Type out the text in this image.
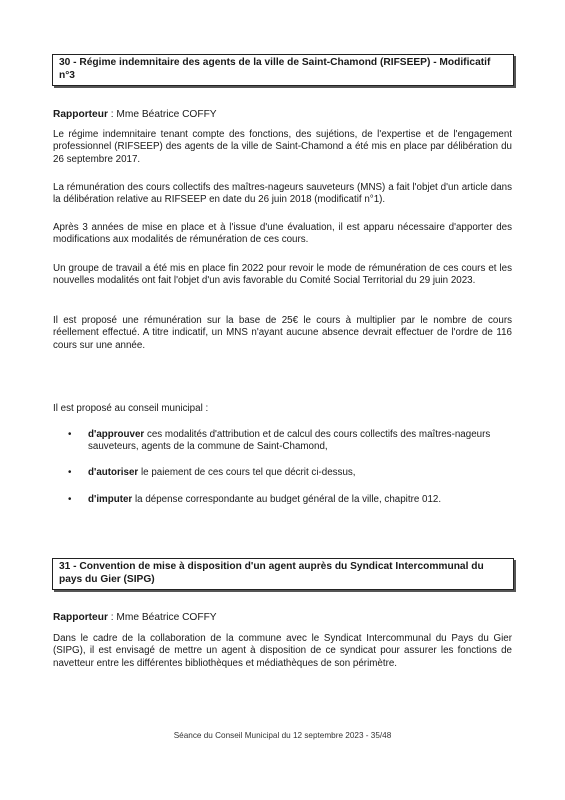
30 - Régime indemnitaire des agents de la ville de Saint-Chamond (RIFSEEP) - Modificatif n°3
Rapporteur : Mme Béatrice COFFY
Le régime indemnitaire tenant compte des fonctions, des sujétions, de l'expertise et de l'engagement professionnel (RIFSEEP) des agents de la ville de Saint-Chamond a été mis en place par délibération du 26 septembre 2017.
La rémunération des cours collectifs des maîtres-nageurs sauveteurs (MNS) a fait l'objet d'un article dans la délibération relative au RIFSEEP en date du 26 juin 2018 (modificatif n°1).
Après 3 années de mise en place et à l'issue d'une évaluation, il est apparu nécessaire d'apporter des modifications aux modalités de rémunération de ces cours.
Un groupe de travail a été mis en place fin 2022 pour revoir le mode de rémunération de ces cours et les nouvelles modalités ont fait l'objet d'un avis favorable du Comité Social Territorial du 29 juin 2023.
Il est proposé une rémunération sur la base de 25€ le cours à multiplier par le nombre de cours réellement effectué. A titre indicatif, un MNS n'ayant aucune absence devrait effectuer de l'ordre de 116 cours sur une année.
Il est proposé au conseil municipal :
• d'approuver ces modalités d'attribution et de calcul des cours collectifs des maîtres-nageurs sauveteurs, agents de la commune de Saint-Chamond,
• d'autoriser le paiement de ces cours tel que décrit ci-dessus,
• d'imputer la dépense correspondante au budget général de la ville, chapitre 012.
31 - Convention de mise à disposition d'un agent auprès du Syndicat Intercommunal du pays du Gier (SIPG)
Rapporteur : Mme Béatrice COFFY
Dans le cadre de la collaboration de la commune avec le Syndicat Intercommunal du Pays du Gier (SIPG), il est envisagé de mettre un agent à disposition de ce syndicat pour assurer les fonctions de navetteur entre les différentes bibliothèques et médiathèques de son périmètre.
Séance du Conseil Municipal du 12 septembre 2023 - 35/48
